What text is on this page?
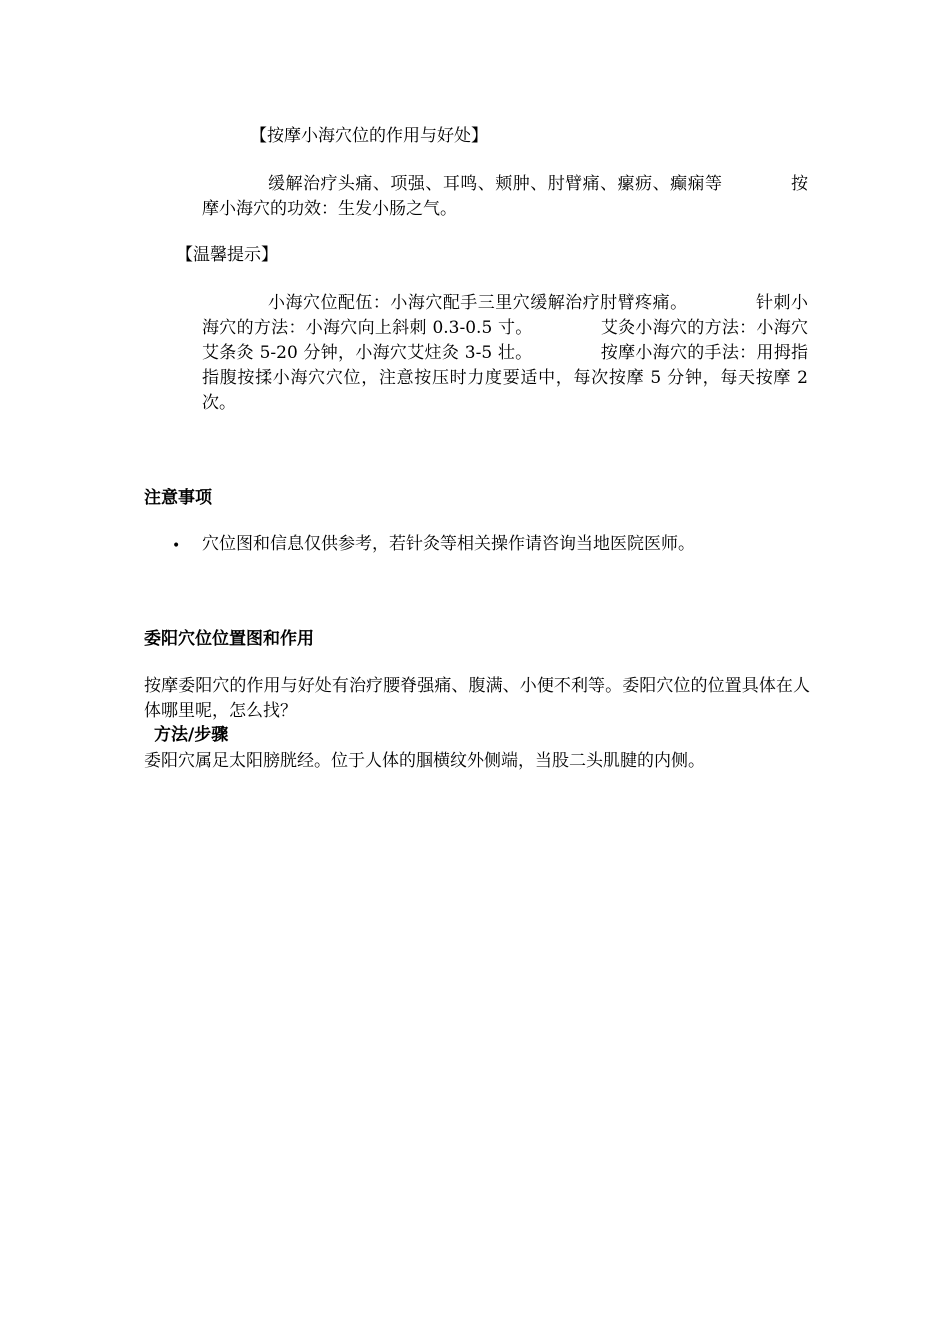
【按摩小海穴位的作用与好处】
缓解治疗头痛、项强、耳鸣、颊肿、肘臂痛、瘰疬、癫痫等	按摩小海穴的功效：生发小肠之气。
【温馨提示】
小海穴位配伍：小海穴配手三里穴缓解治疗肘臂疼痛。	针刺小海穴的方法：小海穴向上斜刺 0.3-0.5 寸。	艾灸小海穴的方法：小海穴艾条灸 5-20 分钟，小海穴艾炷灸 3-5 壮。	按摩小海穴的手法：用拇指指腹按揉小海穴穴位，注意按压时力度要适中，每次按摩 5 分钟，每天按摩 2 次。
注意事项
• 穴位图和信息仅供参考，若针灸等相关操作请咨询当地医院医师。
委阳穴位位置图和作用
按摩委阳穴的作用与好处有治疗腰脊强痛、腹满、小便不利等。委阳穴位的位置具体在人体哪里呢，怎么找？
方法/步骤
委阳穴属足太阳膀胱经。位于人体的腘横纹外侧端，当股二头肌腱的内侧。
